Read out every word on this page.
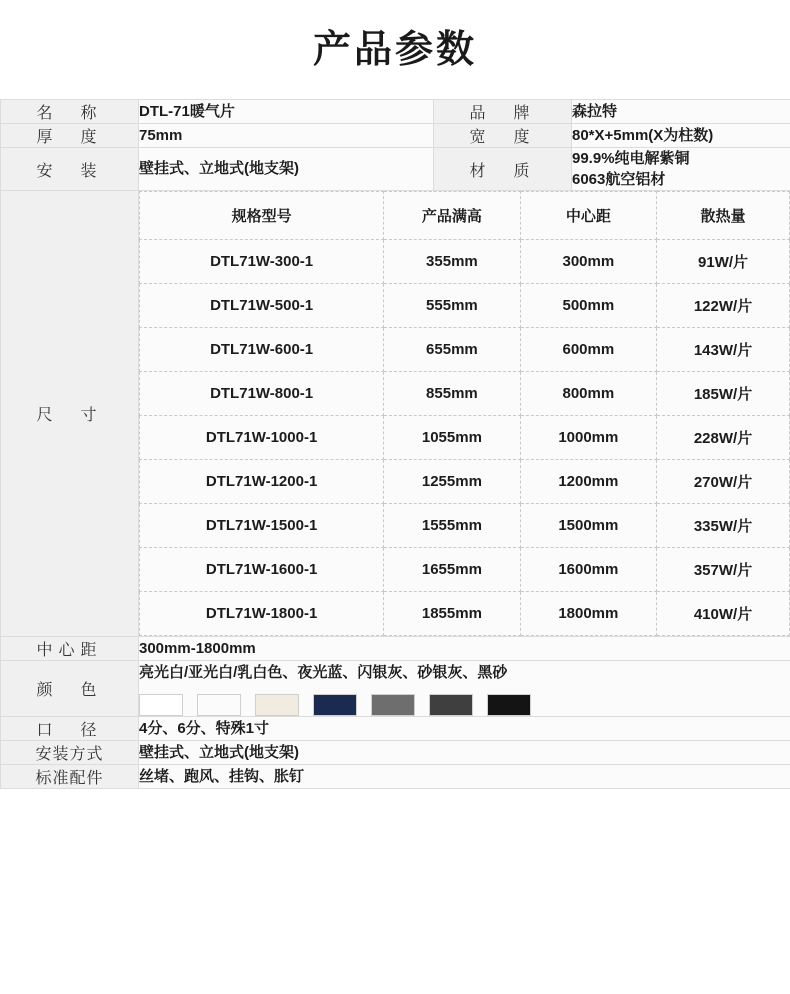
产品参数
名　称	DTL-71暖气片	品　牌	森拉特
厚　度	75mm	宽　度	80*X+5mm(X为柱数)
安　装	壁挂式、立地式(地支架)	材　质	
99.9%纯电解紫铜
6063航空铝材

尺　寸	
规格型号	产品满高	中心距	散热量
DTL71W-300-1	355mm	300mm	91W/片
DTL71W-500-1	555mm	500mm	122W/片
DTL71W-600-1	655mm	600mm	143W/片
DTL71W-800-1	855mm	800mm	185W/片
DTL71W-1000-1	1055mm	1000mm	228W/片
DTL71W-1200-1	1255mm	1200mm	270W/片
DTL71W-1500-1	1555mm	1500mm	335W/片
DTL71W-1600-1	1655mm	1600mm	357W/片
DTL71W-1800-1	1855mm	1800mm	410W/片

中心距	300mm-1800mm
颜　色	
亮光白/亚光白/乳白色、夜光蓝、闪银灰、砂银灰、黑砂

口　径	4分、6分、特殊1寸
安装方式	壁挂式、立地式(地支架)
标准配件	丝堵、跑风、挂钩、胀钉
